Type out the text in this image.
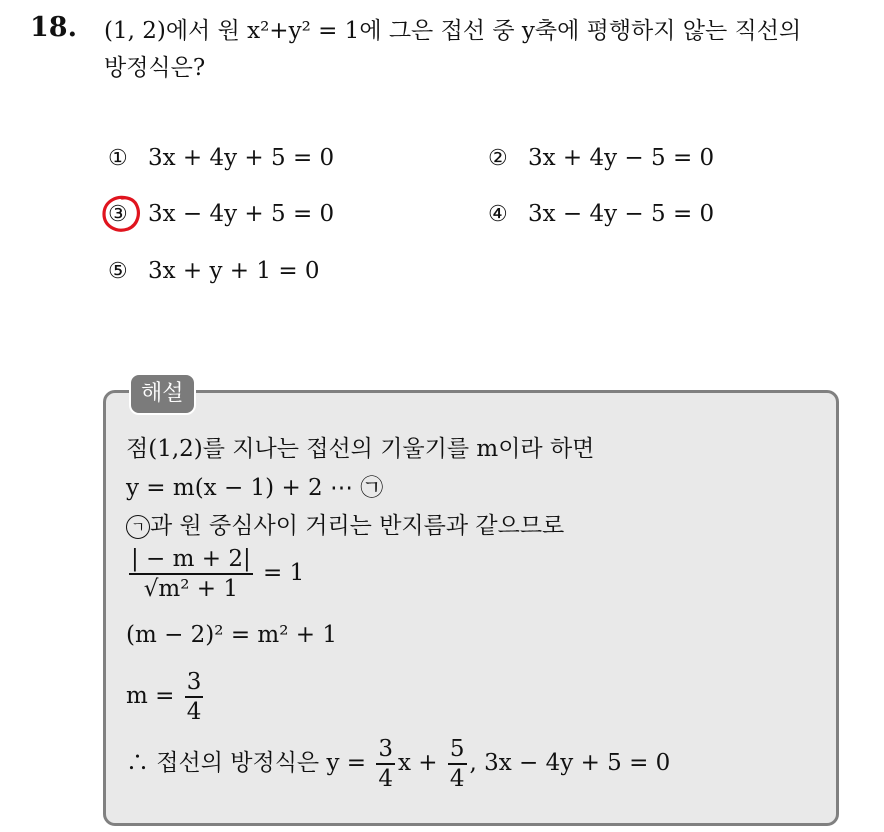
18. (1, 2)에서 원 x²+y² = 1에 그은 접선 중 y축에 평행하지 않는 직선의
방정식은?
① 3x + 4y + 5 = 0	② 3x + 4y − 5 = 0
③ 3x − 4y + 5 = 0	④ 3x − 4y − 5 = 0
⑤ 3x + y + 1 = 0
해설
점(1,2)를 지나는 접선의 기울기를 m이라 하면
y = m(x − 1) + 2 ⋯ ㉠
ㄱ 과 원 중심사이 거리는 반지름과 같으므로
$\frac{| - m + 2|}{\text{√m² + 1}} = 1$
(m − 2)² = m² + 1
$m = \frac{3}{4}$
∴ 접선의 방정식은 $y = \frac{3}{4}$ $x + \frac{5}{4}$ , 3x − 4y + 5 = 0
